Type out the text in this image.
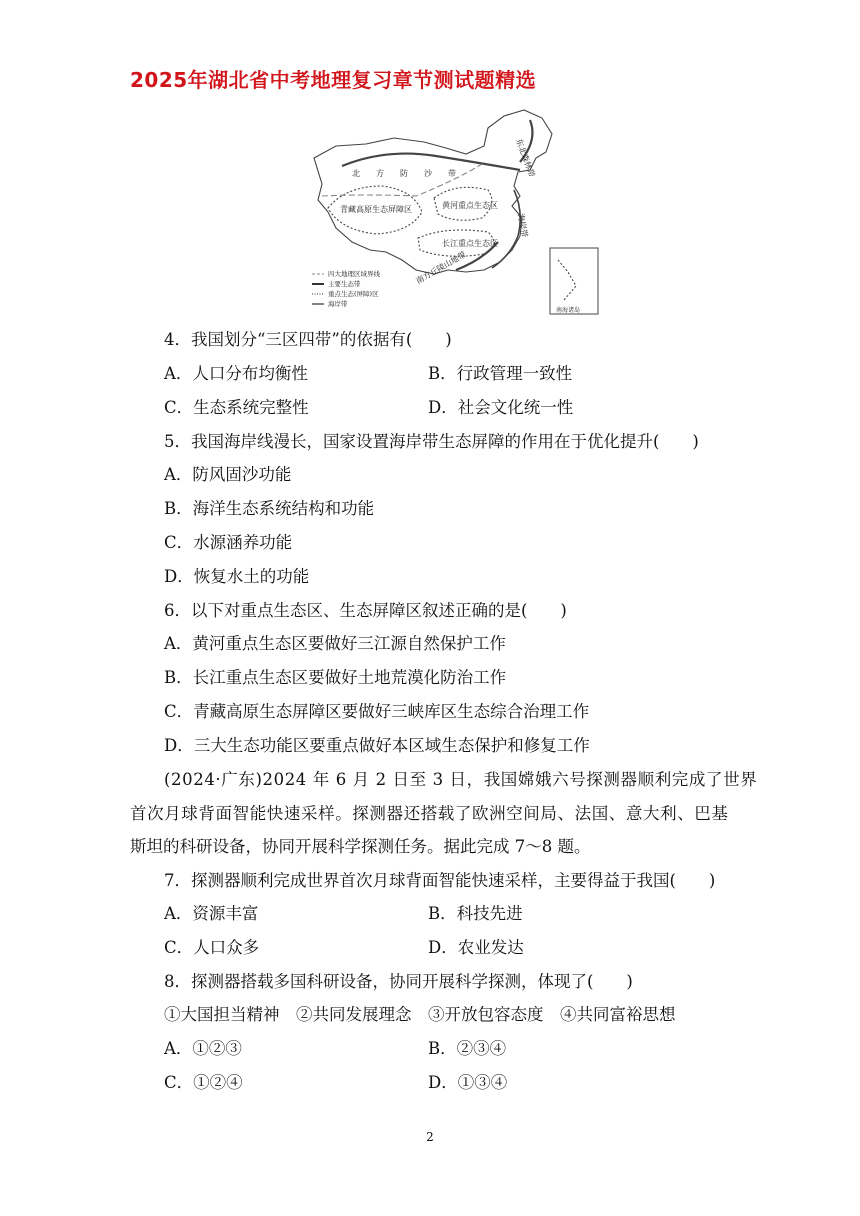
2025年湖北省中考地理复习章节测试题精选
北　　方　　防　　沙　　带	东北森林带
青藏高原生态屏障区	黄河重点生态区
长江重点生态区
海岸带
南方丘陵山地带
南海诸岛
四大地理区域界线
主要生态带
重点生态(屏障)区
海岸带
4．我国划分“三区四带”的依据有(　　)
A．人口分布均衡性	B．行政管理一致性
C．生态系统完整性	D．社会文化统一性
5．我国海岸线漫长，国家设置海岸带生态屏障的作用在于优化提升(　　)
A．防风固沙功能
B．海洋生态系统结构和功能
C．水源涵养功能
D．恢复水土的功能
6．以下对重点生态区、生态屏障区叙述正确的是(　　)
A．黄河重点生态区要做好三江源自然保护工作
B．长江重点生态区要做好土地荒漠化防治工作
C．青藏高原生态屏障区要做好三峡库区生态综合治理工作
D．三大生态功能区要重点做好本区域生态保护和修复工作
(2024·广东)2024 年 6 月 2 日至 3 日，我国嫦娥六号探测器顺利完成了世界
首次月球背面智能快速采样。探测器还搭载了欧洲空间局、法国、意大利、巴基
斯坦的科研设备，协同开展科学探测任务。据此完成 7～8 题。
7．探测器顺利完成世界首次月球背面智能快速采样，主要得益于我国(　　)
A．资源丰富	B．科技先进
C．人口众多	D．农业发达
8．探测器搭载多国科研设备，协同开展科学探测，体现了(　　)
①大国担当精神　②共同发展理念　③开放包容态度　④共同富裕思想
A．①②③	B．②③④
C．①②④	D．①③④
2
